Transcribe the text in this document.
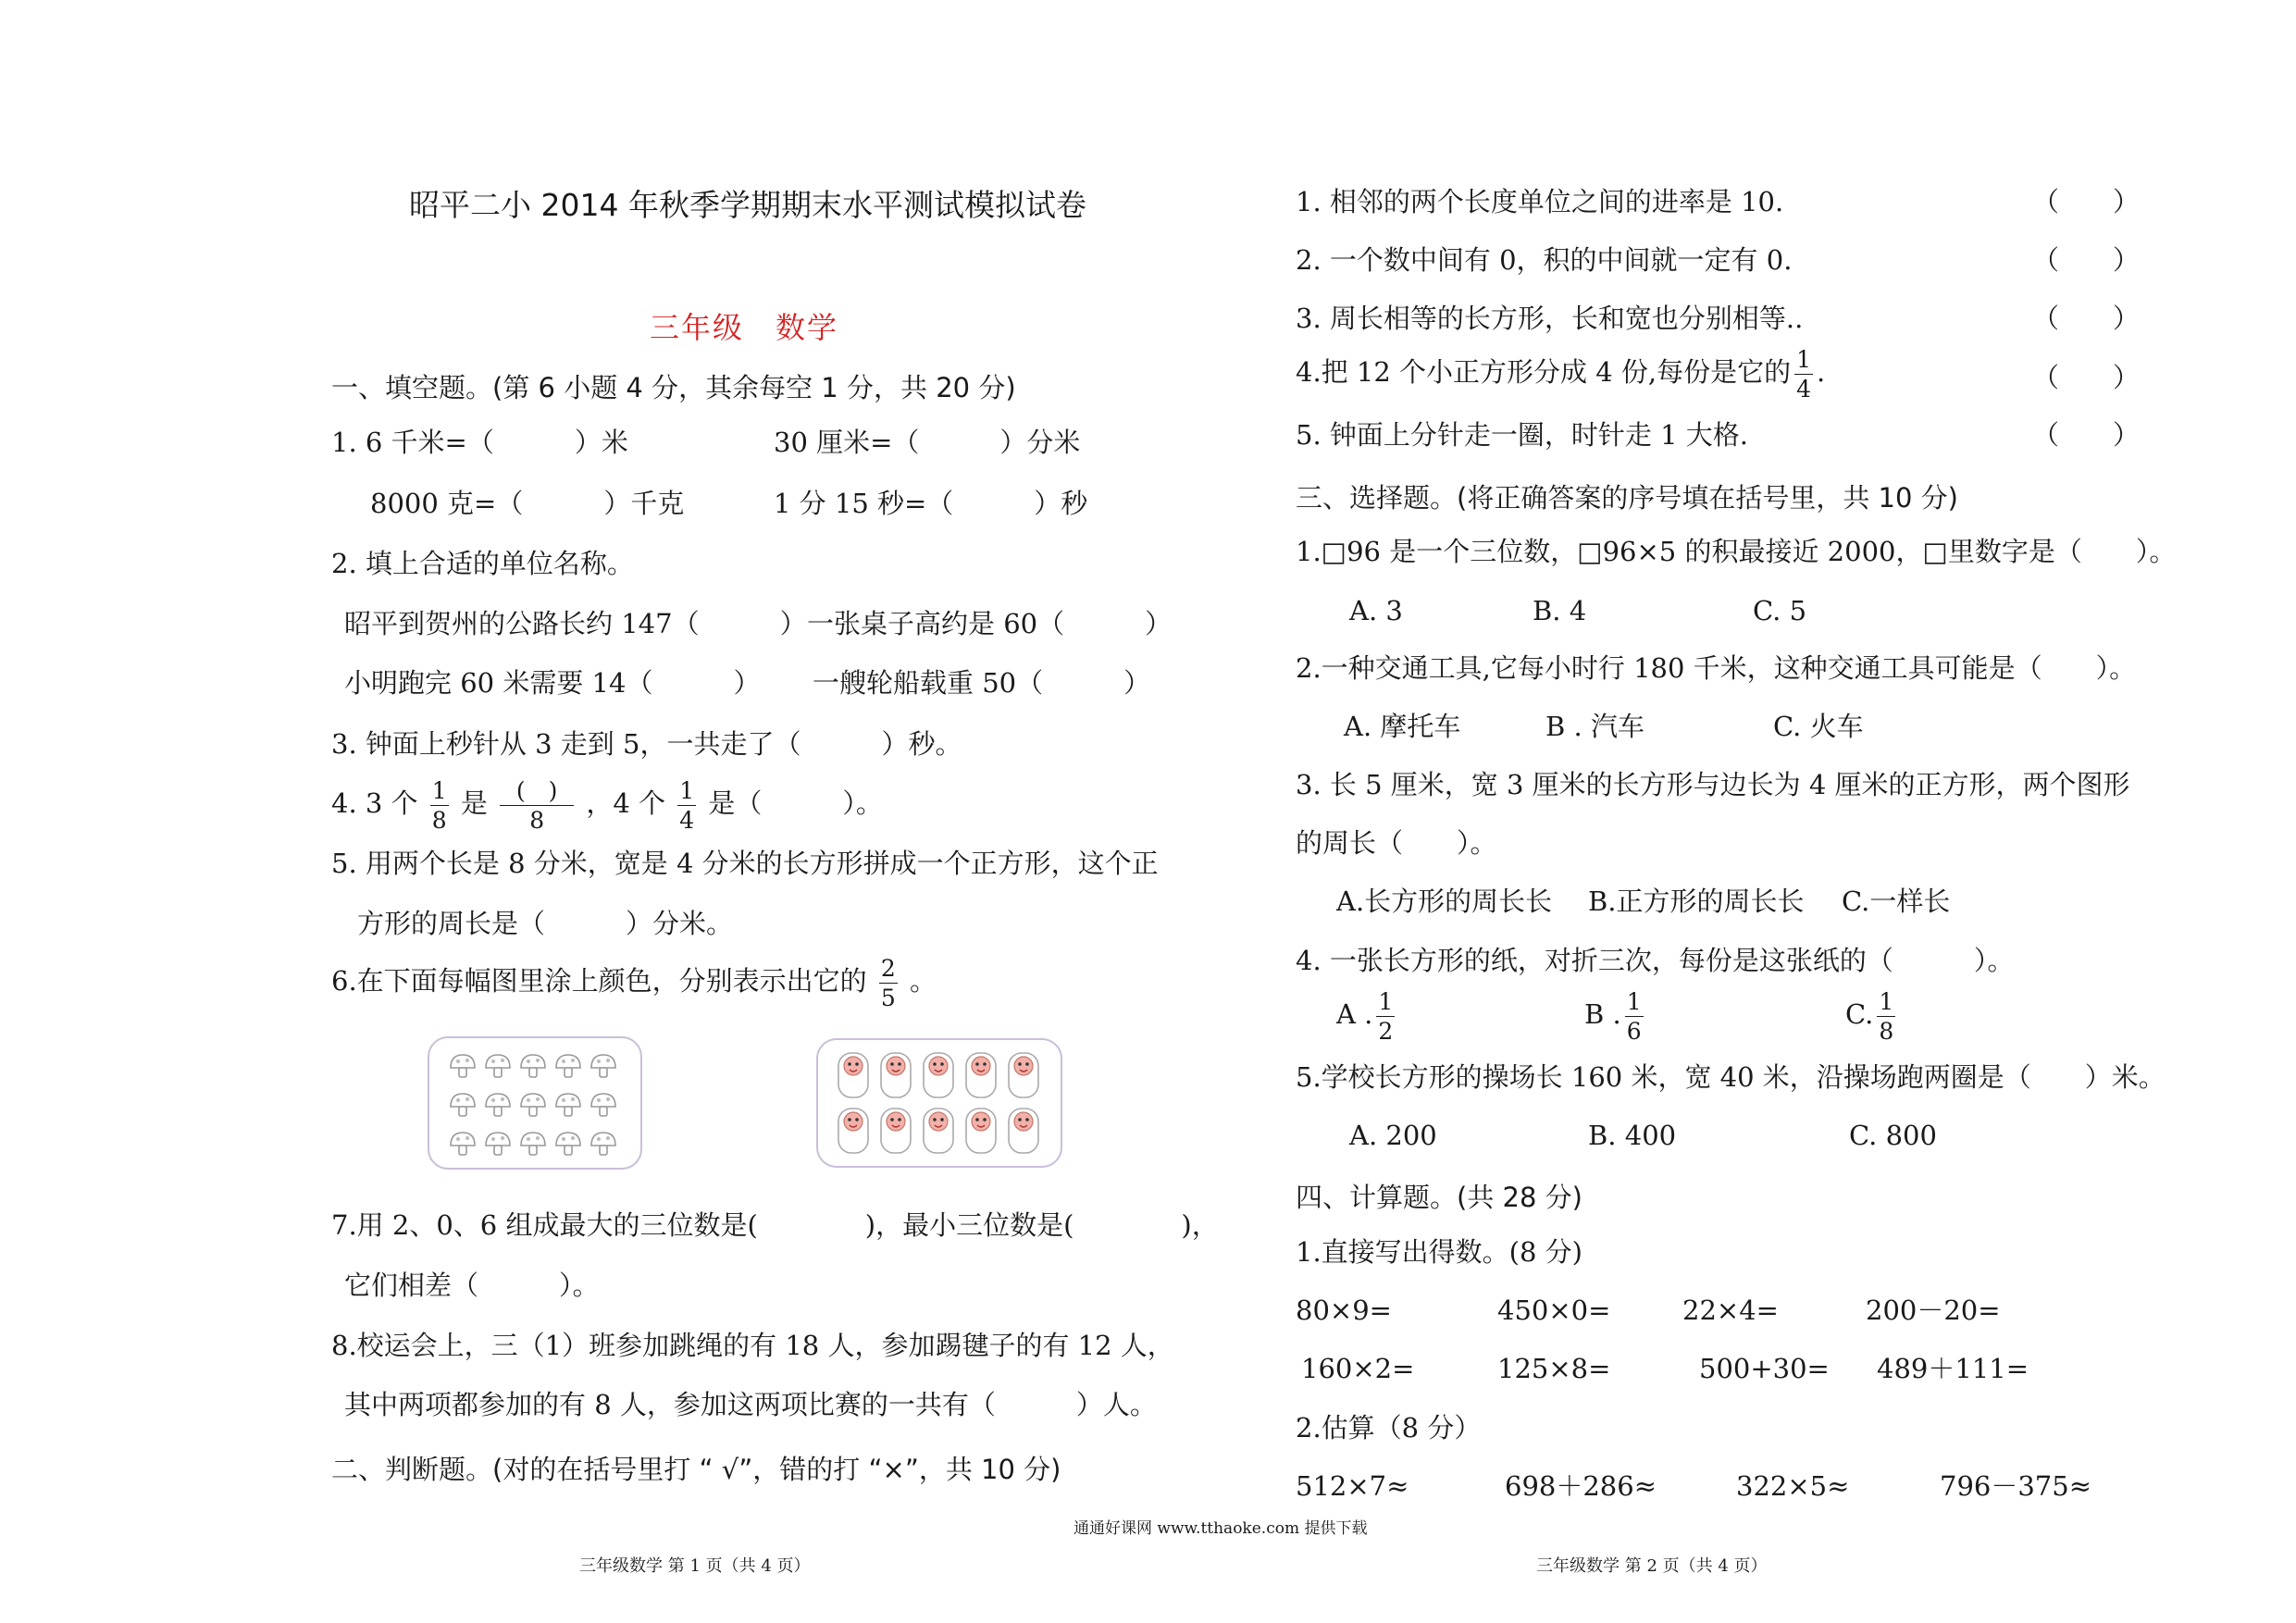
昭平二小 2014 年秋季学期期末水平测试模拟试卷
三年级　数学
一、填空题。(第 6 小题 4 分，其余每空 1 分，共 20 分)
1. 6 千米=（　　　）米	30 厘米=（　　　）分米
8000 克=（　　　）千克	1 分 15 秒=（　　　）秒
2. 填上合适的单位名称。
昭平到贺州的公路长约 147（　　　） 一张桌子高约是 60（　　　）
小明跑完 60 米需要 14（　　　） 一艘轮船载重 50（　　　）
3. 钟面上秒针从 3 走到 5，一共走了（　　　）秒。
4. 3 个 $\frac{1}{8}$ 是 $\frac{( )}{8}$ ，4 个 $\frac{1}{4}$ 是（　　　）。
5. 用两个长是 8 分米，宽是 4 分米的长方形拼成一个正方形，这个正
方形的周长是（　　　）分米。
6.在下面每幅图里涂上颜色，分别表示出它的 $\frac{2}{5}$ 。
7.用 2、0、6 组成最大的三位数是(　　　　)，最小三位数是(　　　　)，
它们相差（　　　）。
8.校运会上，三（1）班参加跳绳的有 18 人，参加踢毽子的有 12 人，
其中两项都参加的有 8 人，参加这两项比赛的一共有（　　　）人。
二、判断题。(对的在括号里打 “ √”，错的打 “×”，共 10 分)
三年级数学 第 1 页（共 4 页）
通通好课网 www.tthaoke.com 提供下载
1. 相邻的两个长度单位之间的进率是 10.	（　　）
2. 一个数中间有 0，积的中间就一定有 0.	（　　）
3. 周长相等的长方形，长和宽也分别相等..	（　　）
4.把 12 个小正方形分成 4 份,每份是它的 $\frac{1}{4}$ .	（　　）
5. 钟面上分针走一圈，时针走 1 大格.	（　　）
三、选择题。(将正确答案的序号填在括号里，共 10 分)
1.□96 是一个三位数，□96×5 的积最接近 2000，□里数字是（　　）。
A. 3	B. 4	C. 5
2.一种交通工具,它每小时行 180 千米，这种交通工具可能是（　　）。
A. 摩托车	B . 汽车	C. 火车
3. 长 5 厘米，宽 3 厘米的长方形与边长为 4 厘米的正方形，两个图形
的周长（　　）。
A.长方形的周长长 B.正方形的周长长 C.一样长
4. 一张长方形的纸，对折三次，每份是这张纸的（　　　）。
A . $\frac{1}{2}$	B . $\frac{1}{6}$	C. $\frac{1}{8}$
5.学校长方形的操场长 160 米，宽 40 米，沿操场跑两圈是（　　）米。
A. 200	B. 400	C. 800
四、计算题。(共 28 分)
1.直接写出得数。(8 分)
80×9=	450×0=	22×4=	200－20=
160×2=	125×8=	500+30= 489＋111=
2.估算（8 分）
512×7≈	698＋286≈	322×5≈	796－375≈
三年级数学 第 2 页（共 4 页）
